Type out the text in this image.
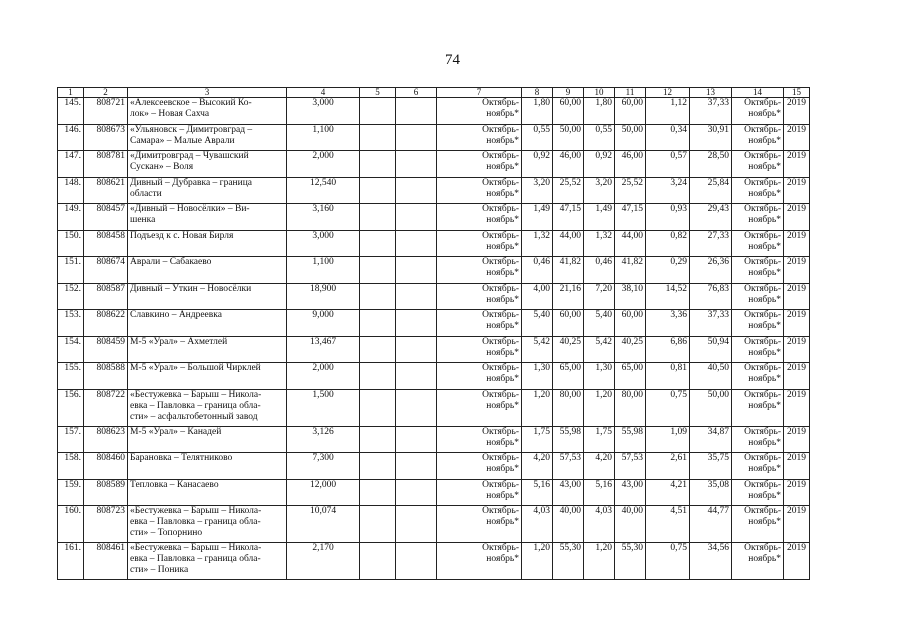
74
1	2	3	4	5	6	7	8	9	10	11	12	13	14	15
145.	808721	«Алексеевское – Высокий Ко-
лок» – Новая Сахча	3,000			Октябрь-
ноябрь*	1,80	60,00	1,80	60,00	1,12	37,33	Октябрь-
ноябрь*	2019
146.	808673	«Ульяновск – Димитровград –
Самара» – Малые Аврали	1,100			Октябрь-
ноябрь*	0,55	50,00	0,55	50,00	0,34	30,91	Октябрь-
ноябрь*	2019
147.	808781	«Димитровград – Чувашский
Сускан» – Воля	2,000			Октябрь-
ноябрь*	0,92	46,00	0,92	46,00	0,57	28,50	Октябрь-
ноябрь*	2019
148.	808621	Дивный – Дубравка – граница
области	12,540			Октябрь-
ноябрь*	3,20	25,52	3,20	25,52	3,24	25,84	Октябрь-
ноябрь*	2019
149.	808457	«Дивный – Новосёлки» – Ви-
шенка	3,160			Октябрь-
ноябрь*	1,49	47,15	1,49	47,15	0,93	29,43	Октябрь-
ноябрь*	2019
150.	808458	Подъезд к с. Новая Бирля	3,000			Октябрь-
ноябрь*	1,32	44,00	1,32	44,00	0,82	27,33	Октябрь-
ноябрь*	2019
151.	808674	Аврали – Сабакаево	1,100			Октябрь-
ноябрь*	0,46	41,82	0,46	41,82	0,29	26,36	Октябрь-
ноябрь*	2019
152.	808587	Дивный – Уткин – Новосёлки	18,900			Октябрь-
ноябрь*	4,00	21,16	7,20	38,10	14,52	76,83	Октябрь-
ноябрь*	2019
153.	808622	Славкино – Андреевка	9,000			Октябрь-
ноябрь*	5,40	60,00	5,40	60,00	3,36	37,33	Октябрь-
ноябрь*	2019
154.	808459	М-5 «Урал» – Ахметлей	13,467			Октябрь-
ноябрь*	5,42	40,25	5,42	40,25	6,86	50,94	Октябрь-
ноябрь*	2019
155.	808588	М-5 «Урал» – Большой Чирклей	2,000			Октябрь-
ноябрь*	1,30	65,00	1,30	65,00	0,81	40,50	Октябрь-
ноябрь*	2019
156.	808722	«Бестужевка – Барыш – Никола-
евка – Павловка – граница обла-
сти» – асфальтобетонный завод	1,500			Октябрь-
ноябрь*	1,20	80,00	1,20	80,00	0,75	50,00	Октябрь-
ноябрь*	2019
157.	808623	М-5 «Урал» – Канадей	3,126			Октябрь-
ноябрь*	1,75	55,98	1,75	55,98	1,09	34,87	Октябрь-
ноябрь*	2019
158.	808460	Барановка – Телятниково	7,300			Октябрь-
ноябрь*	4,20	57,53	4,20	57,53	2,61	35,75	Октябрь-
ноябрь*	2019
159.	808589	Тепловка – Канасаево	12,000			Октябрь-
ноябрь*	5,16	43,00	5,16	43,00	4,21	35,08	Октябрь-
ноябрь*	2019
160.	808723	«Бестужевка – Барыш – Никола-
евка – Павловка – граница обла-
сти» – Топорнино	10,074			Октябрь-
ноябрь*	4,03	40,00	4,03	40,00	4,51	44,77	Октябрь-
ноябрь*	2019
161.	808461	«Бестужевка – Барыш – Никола-
евка – Павловка – граница обла-
сти» – Поника	2,170			Октябрь-
ноябрь*	1,20	55,30	1,20	55,30	0,75	34,56	Октябрь-
ноябрь*	2019
